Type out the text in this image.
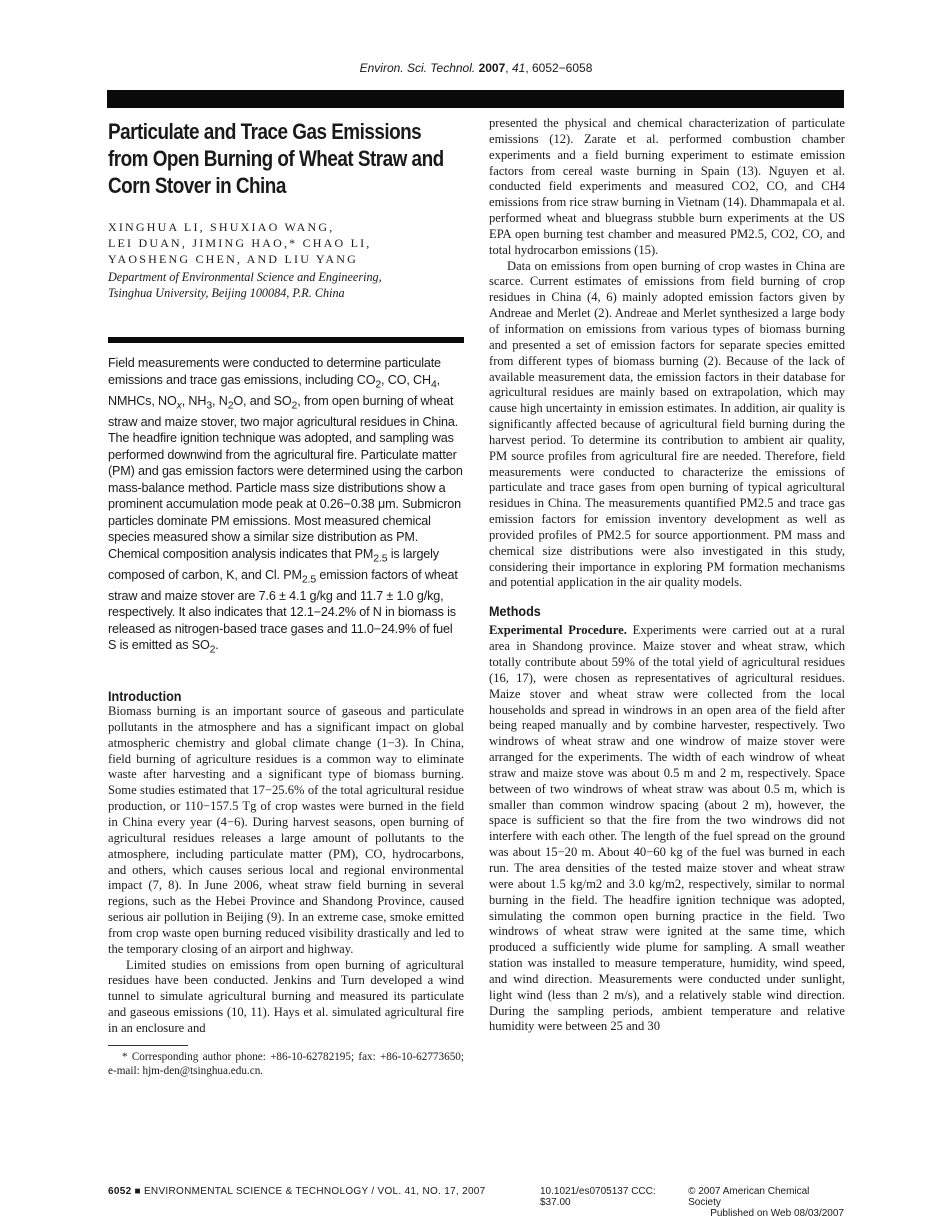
Environ. Sci. Technol. 2007, 41, 6052−6058
Particulate and Trace Gas Emissions from Open Burning of Wheat Straw and Corn Stover in China
XINGHUA LI, SHUXIAO WANG,
LEI DUAN, JIMING HAO,* CHAO LI,
YAOSHENG CHEN, AND LIU YANG
Department of Environmental Science and Engineering,
Tsinghua University, Beijing 100084, P.R. China
Field measurements were conducted to determine particulate emissions and trace gas emissions, including $CO_2$, CO, $CH_4$, NMHCs, $NO_x$, $NH_3$, $N_2O$, and $SO_2$, from open burning of wheat straw and maize stover, two major agricultural residues in China. The headfire ignition technique was adopted, and sampling was performed downwind from the agricultural fire. Particulate matter (PM) and gas emission factors were determined using the carbon mass-balance method. Particle mass size distributions show a prominent accumulation mode peak at 0.26−0.38 μm. Submicron particles dominate PM emissions. Most measured chemical species measured show a similar size distribution as PM. Chemical composition analysis indicates that $PM_{2.5}$ is largely composed of carbon, K, and Cl. $PM_{2.5}$ emission factors of wheat straw and maize stover are 7.6 ± 4.1 g/kg and 11.7 ± 1.0 g/kg, respectively. It also indicates that 12.1−24.2% of N in biomass is released as nitrogen-based trace gases and 11.0−24.9% of fuel S is emitted as $SO_2$.
Introduction

Biomass burning is an important source of gaseous and particulate pollutants in the atmosphere and has a significant impact on global atmospheric chemistry and global climate change (1−3). In China, field burning of agriculture residues is a common way to eliminate waste after harvesting and a significant type of biomass burning. Some studies estimated that 17−25.6% of the total agricultural residue production, or 110−157.5 Tg of crop wastes were burned in the field in China every year (4−6). During harvest seasons, open burning of agricultural residues releases a large amount of pollutants to the atmosphere, including particulate matter (PM), CO, hydrocarbons, and others, which causes serious local and regional environmental impact (7, 8). In June 2006, wheat straw field burning in several regions, such as the Hebei Province and Shandong Province, caused serious air pollution in Beijing (9). In an extreme case, smoke emitted from crop waste open burning reduced visibility drastically and led to the temporary closing of an airport and highway.

Limited studies on emissions from open burning of agricultural residues have been conducted. Jenkins and Turn developed a wind tunnel to simulate agricultural burning and measured its particulate and gaseous emissions (10, 11). Hays et al. simulated agricultural fire in an enclosure and

* Corresponding author phone: +86-10-62782195; fax: +86-10-62773650; e-mail: hjm-den@tsinghua.edu.cn.

presented the physical and chemical characterization of particulate emissions (12). Zarate et al. performed combustion chamber experiments and a field burning experiment to estimate emission factors from cereal waste burning in Spain (13). Nguyen et al. conducted field experiments and measured CO2, CO, and CH4 emissions from rice straw burning in Vietnam (14). Dhammapala et al. performed wheat and bluegrass stubble burn experiments at the US EPA open burning test chamber and measured PM2.5, CO2, CO, and total hydrocarbon emissions (15).

Data on emissions from open burning of crop wastes in China are scarce. Current estimates of emissions from field burning of crop residues in China (4, 6) mainly adopted emission factors given by Andreae and Merlet (2). Andreae and Merlet synthesized a large body of information on emissions from various types of biomass burning and presented a set of emission factors for separate species emitted from different types of biomass burning (2). Because of the lack of available measurement data, the emission factors in their database for agricultural residues are mainly based on extrapolation, which may cause high uncertainty in emission estimates. In addition, air quality is significantly affected because of agricultural field burning during the harvest period. To determine its contribution to ambient air quality, PM source profiles from agricultural fire are needed. Therefore, field measurements were conducted to characterize the emissions of particulate and trace gases from open burning of typical agricultural residues in China. The measurements quantified PM2.5 and trace gas emission factors for emission inventory development as well as provided profiles of PM2.5 for source apportionment. PM mass and chemical size distributions were also investigated in this study, considering their importance in exploring PM formation mechanisms and potential application in the air quality models.

Methods

Experimental Procedure. Experiments were carried out at a rural area in Shandong province. Maize stover and wheat straw, which totally contribute about 59% of the total yield of agricultural residues (16, 17), were chosen as representatives of agricultural residues. Maize stover and wheat straw were collected from the local households and spread in windrows in an open area of the field after being reaped manually and by combine harvester, respectively. Two windrows of wheat straw and one windrow of maize stover were arranged for the experiments. The width of each windrow of wheat straw and maize stove was about 0.5 m and 2 m, respectively. Space between of two windrows of wheat straw was about 0.5 m, which is smaller than common windrow spacing (about 2 m), however, the space is sufficient so that the fire from the two windrows did not interfere with each other. The length of the fuel spread on the ground was about 15−20 m. About 40−60 kg of the fuel was burned in each run. The area densities of the tested maize stover and wheat straw were about 1.5 kg/m2 and 3.0 kg/m2, respectively, similar to normal burning in the field. The headfire ignition technique was adopted, simulating the common open burning practice in the field. Two windrows of wheat straw were ignited at the same time, which produced a sufficiently wide plume for sampling. A small weather station was installed to measure temperature, humidity, wind speed, and wind direction. Measurements were conducted under sunlight, light wind (less than 2 m/s), and a relatively stable wind direction. During the sampling periods, ambient temperature and relative humidity were between 25 and 30

6052 ■ ENVIRONMENTAL SCIENCE & TECHNOLOGY / VOL. 41, NO. 17, 2007	10.1021/es0705137 CCC: $37.00
© 2007 American Chemical Society
Published on Web 08/03/2007
